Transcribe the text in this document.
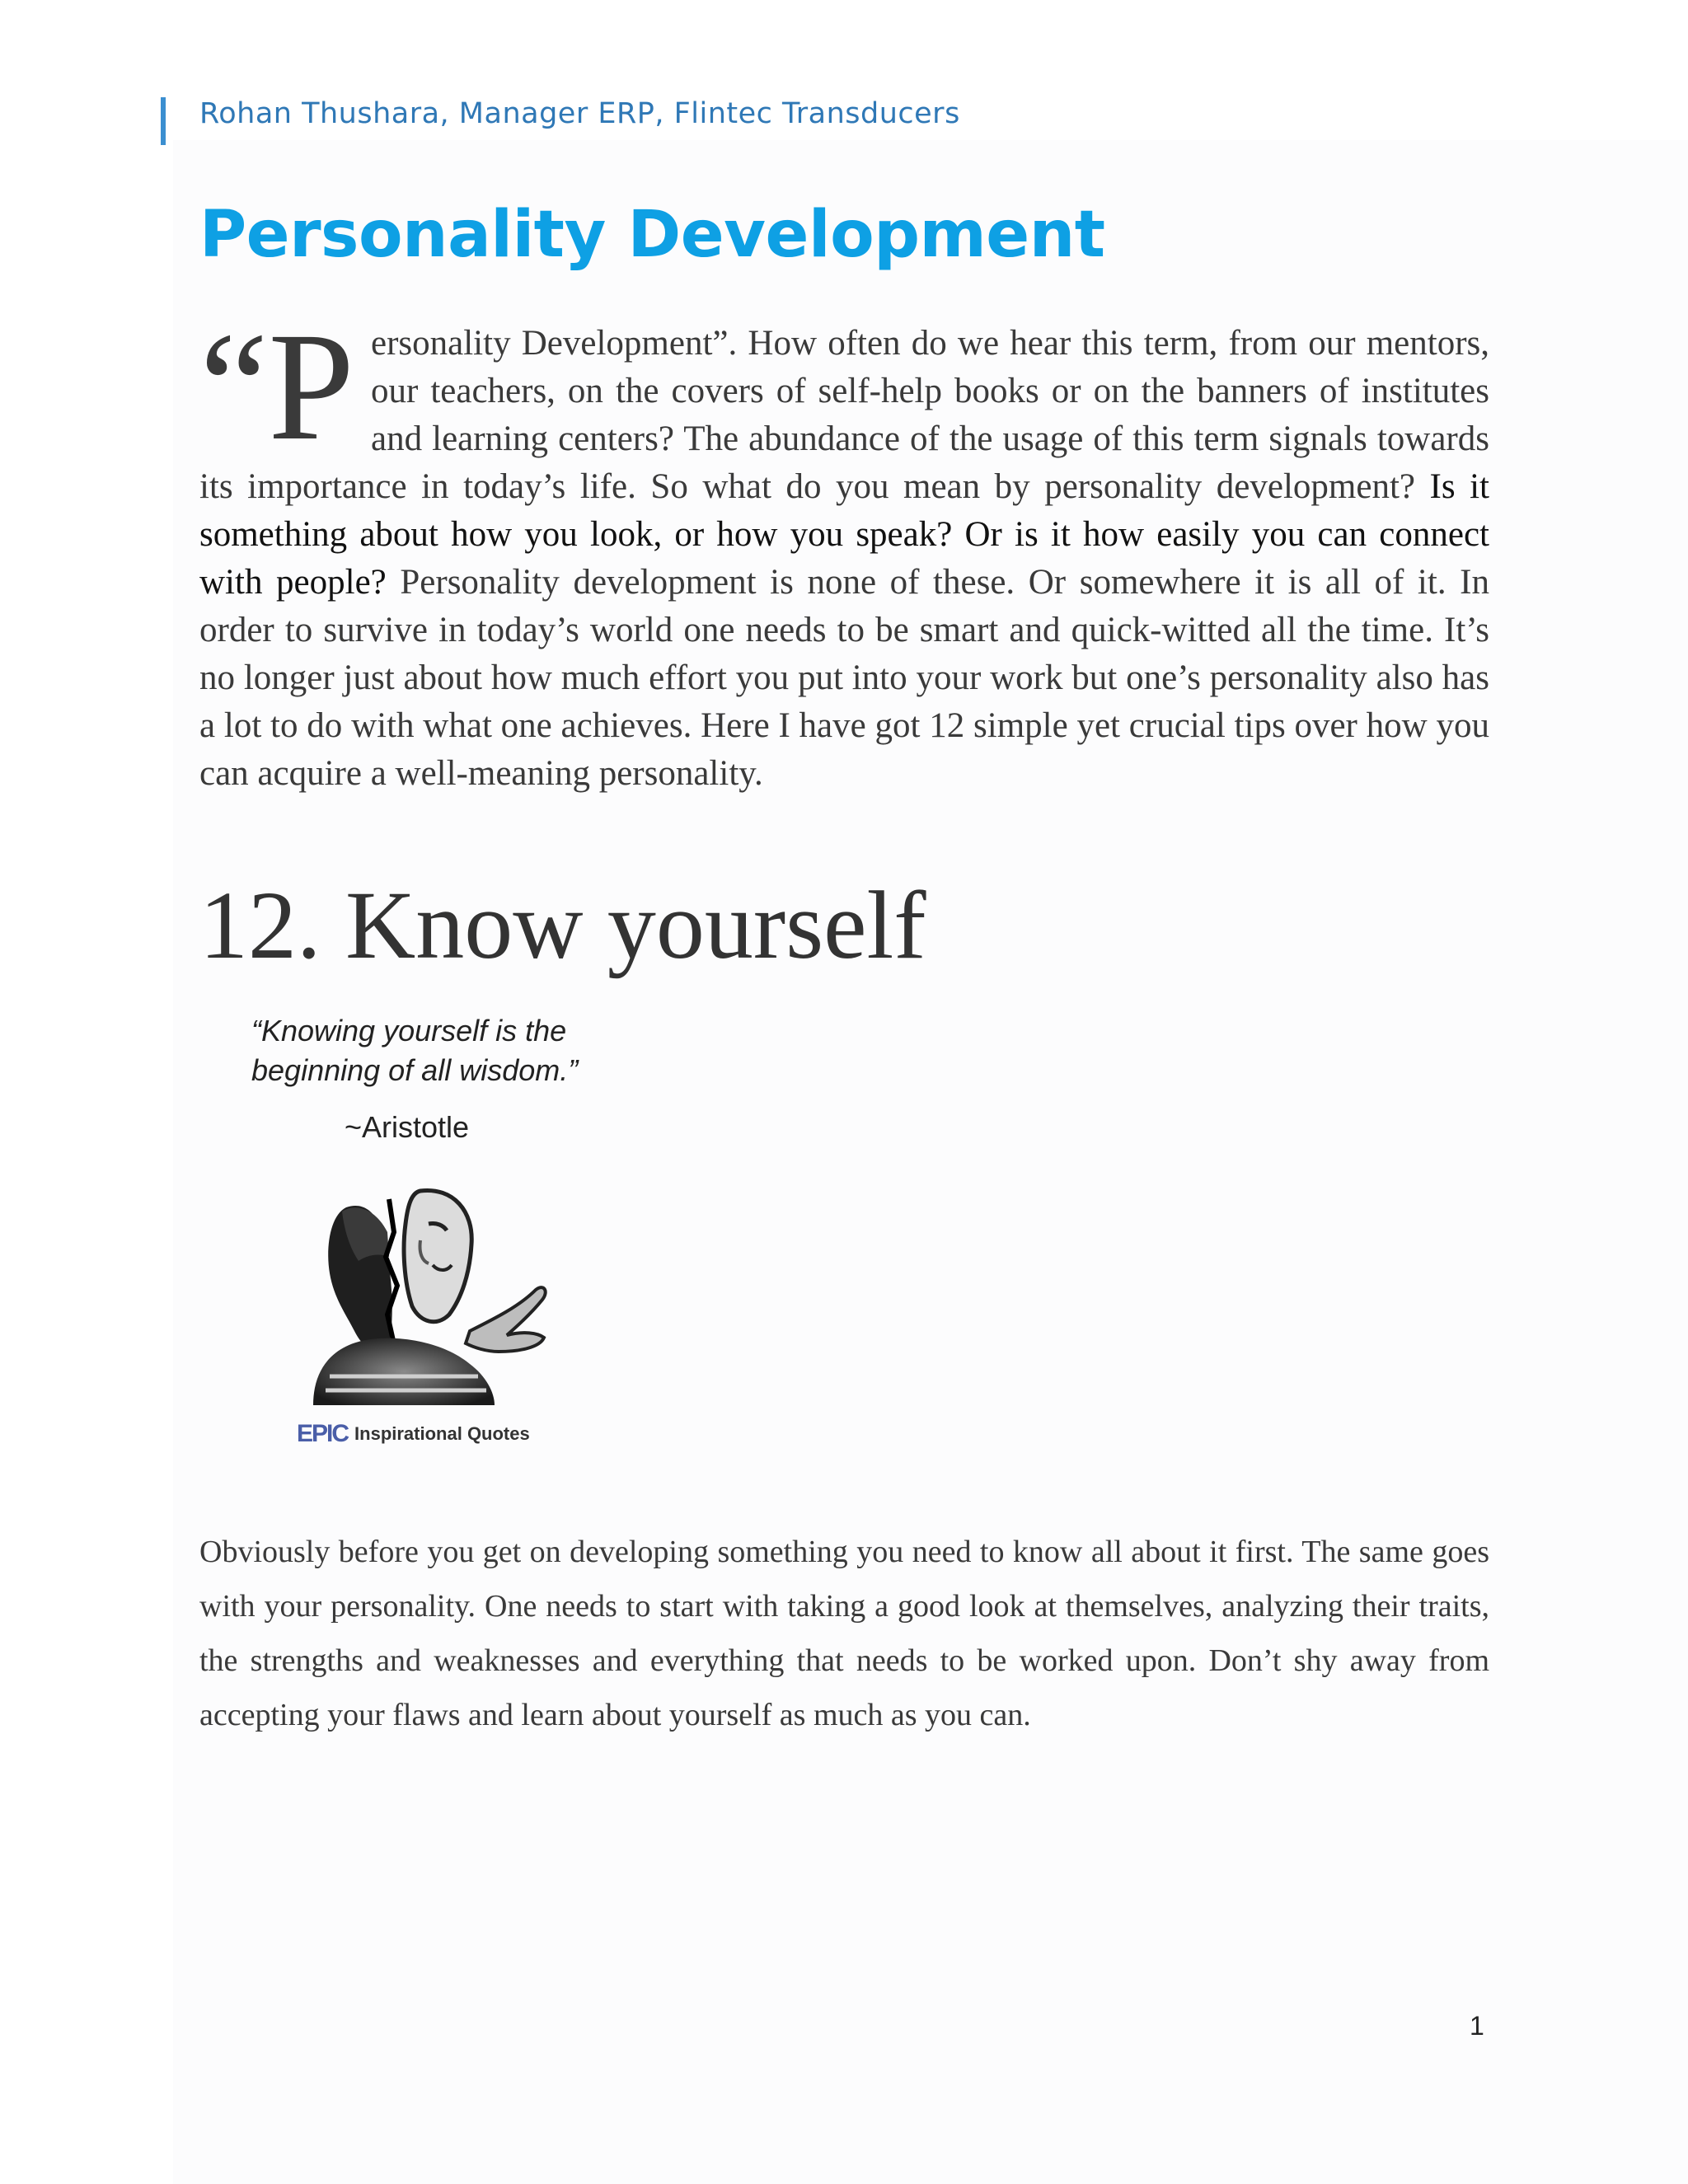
Rohan Thushara, Manager ERP, Flintec Transducers
Personality Development
“Personality Development”. How often do we hear this term, from our mentors, our teachers, on the covers of self-help books or on the banners of institutes and learning centers? The abundance of the usage of this term signals towards its importance in today’s life. So what do you mean by personality development? Is it something about how you look, or how you speak? Or is it how easily you can connect with people? Personality development is none of these. Or somewhere it is all of it. In order to survive in today’s world one needs to be smart and quick-witted all the time. It’s no longer just about how much effort you put into your work but one’s personality also has a lot to do with what one achieves. Here I have got 12 simple yet crucial tips over how you can acquire a well-meaning personality.
12. Know yourself
“Knowing yourself is the beginning of all wisdom.”
~Aristotle
EPIC Inspirational Quotes
Obviously before you get on developing something you need to know all about it first. The same goes with your personality. One needs to start with taking a good look at themselves, analyzing their traits, the strengths and weaknesses and everything that needs to be worked upon. Don’t shy away from accepting your flaws and learn about yourself as much as you can.
1
